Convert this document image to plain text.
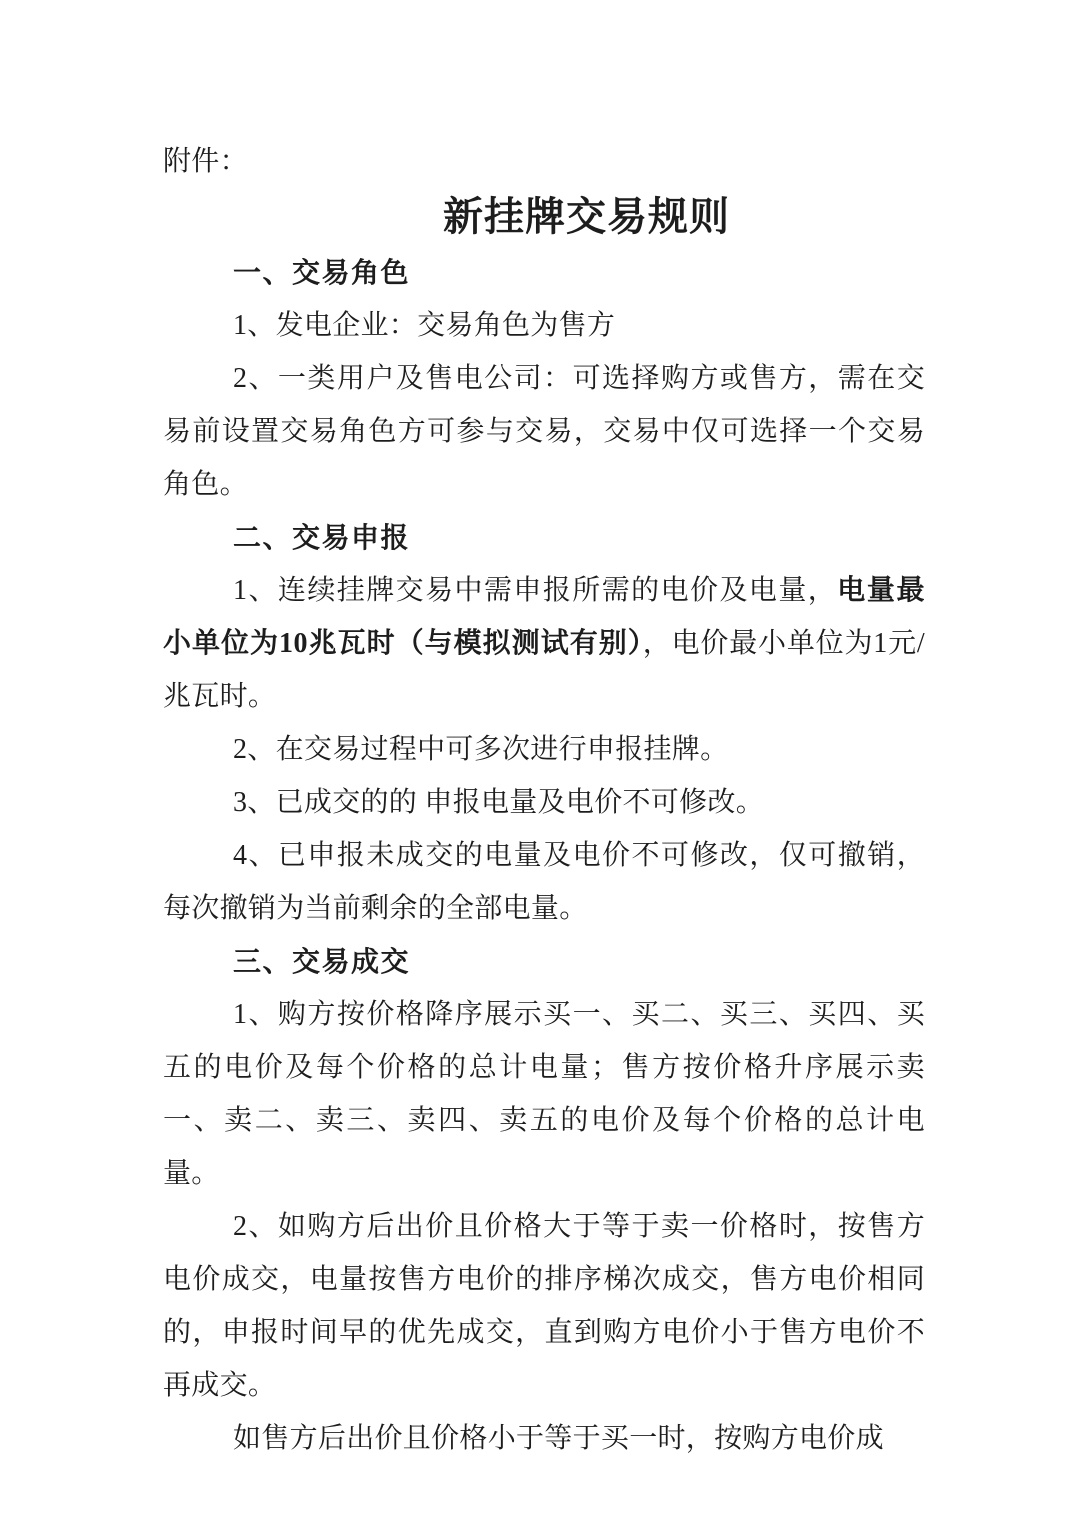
附件：
新挂牌交易规则
一、交易角色

1、发电企业：交易角色为售方

2、一类用户及售电公司：可选择购方或售方，需在交易前设置交易角色方可参与交易，交易中仅可选择一个交易角色。

二、交易申报

1、连续挂牌交易中需申报所需的电价及电量，电量最小单位为10兆瓦时（与模拟测试有别），电价最小单位为1元/兆瓦时。

2、在交易过程中可多次进行申报挂牌。

3、已成交的的 申报电量及电价不可修改。

4、已申报未成交的电量及电价不可修改，仅可撤销，每次撤销为当前剩余的全部电量。

三、交易成交

1、购方按价格降序展示买一、买二、买三、买四、买五的电价及每个价格的总计电量；售方按价格升序展示卖一、卖二、卖三、卖四、卖五的电价及每个价格的总计电量。

2、如购方后出价且价格大于等于卖一价格时，按售方电价成交，电量按售方电价的排序梯次成交，售方电价相同的，申报时间早的优先成交，直到购方电价小于售方电价不再成交。

如售方后出价且价格小于等于买一时，按购方电价成
